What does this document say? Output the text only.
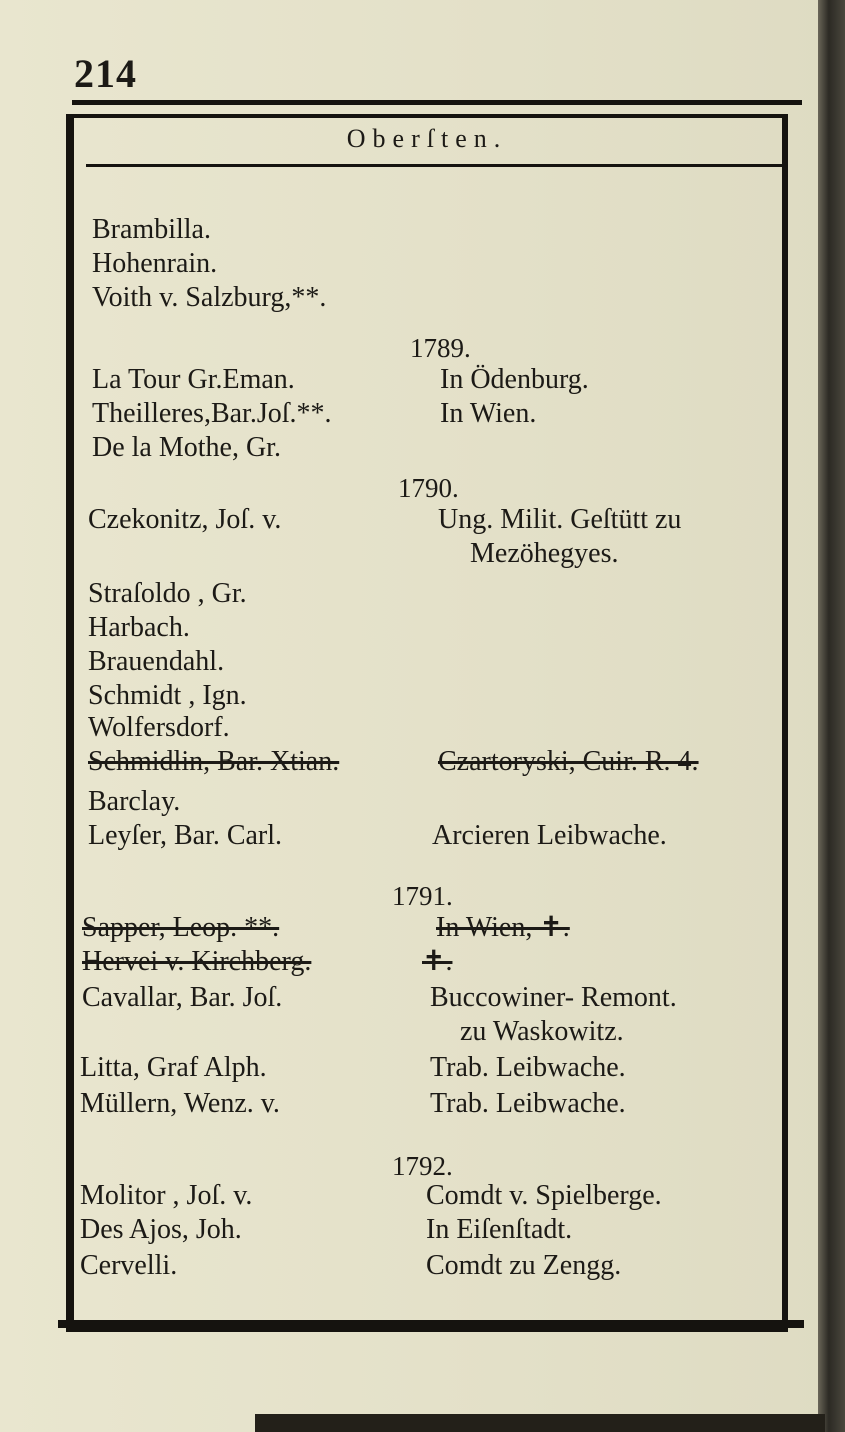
214
Oberſten.
Brambilla.
Hohenrain.
Voith v. Salzburg,**.
1789.
La Tour Gr.Eman.	In Ödenburg.
Theilleres,Bar.Joſ.**.	In Wien.
De la Mothe, Gr.
1790.
Czekonitz, Joſ. v.	Ung. Milit. Geſtütt zu
Mezöhegyes.
Straſoldo , Gr.
Harbach.
Brauendahl.
Schmidt , Ign.
Wolfersdorf.
Schmidlin, Bar. Xtian.	Czartoryski, Cuir. R. 4.
Barclay.
Leyſer, Bar. Carl.	Arcieren Leibwache.
1791.
Sapper, Leop. **.	In Wien, ✝.
Hervei v. Kirchberg.	✝.
Cavallar, Bar. Joſ.	Buccowiner- Remont.
zu Waskowitz.
Litta, Graf Alph.	Trab. Leibwache.
Müllern, Wenz. v.	Trab. Leibwache.
1792.
Molitor , Joſ. v.	Comdt v. Spielberge.
Des Ajos, Joh.	In Eiſenſtadt.
Cervelli.	Comdt zu Zengg.
